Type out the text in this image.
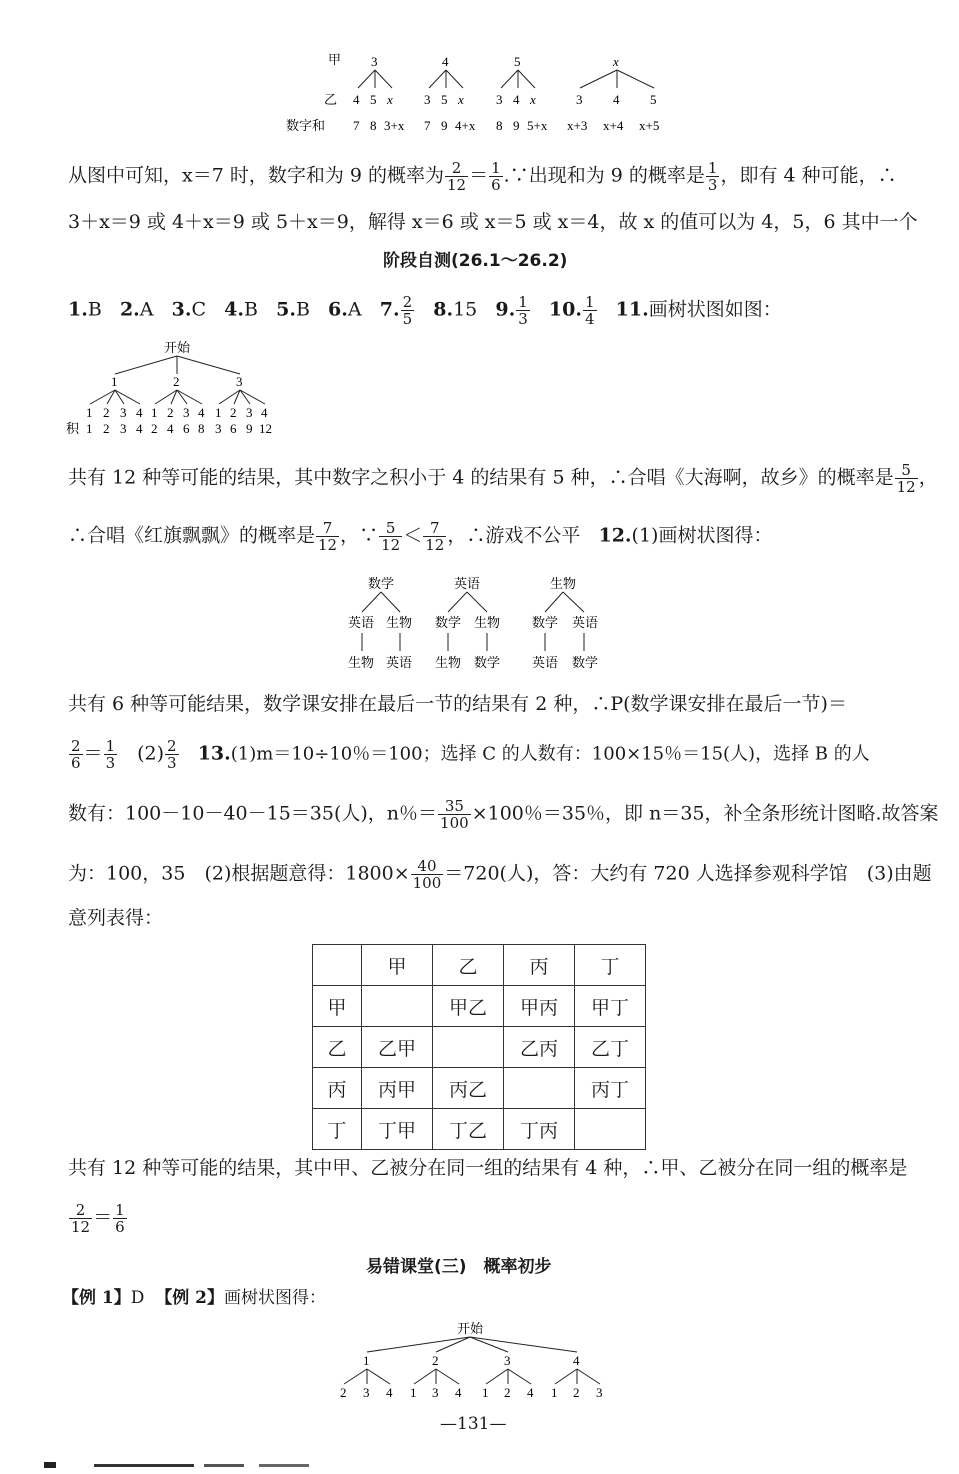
甲
乙
数字和
3
4 5 x
7 8 3+x
4
3 5 x
7 9 4+x
5
3 4 x
8 9 5+x
x
3 4 5
x+3 x+4 x+5
从图中可知，x＝7 时，数字和为 9 的概率为 $\frac{2}{12} = \frac{1}{6}$ .∵出现和为 9 的概率是 $\frac{1}{3}$ ，即有 4 种可能，∴
3＋x＝9 或 4＋x＝9 或 5＋x＝9，解得 x＝6 或 x＝5 或 x＝4，故 x 的值可以为 4，5，6 其中一个
阶段自测(26.1～26.2)
1.B 2.A 3.C 4.B 5.B 6.A 7. $\frac{2}{5} 8.15$ 9. $\frac{1}{3} 10$. $\frac{1}{4} 11$.画树状图如图：
开始
1	2	3
1 2 3 4 1 2 3 4 1 2 3 4
积 1 2 3 4 2 4 6 8 3 6 9 12
共有 12 种等可能的结果，其中数字之积小于 4 的结果有 5 种，∴合唱《大海啊，故乡》的概率是 $\frac{5}{12}$ ，
∴合唱《红旗飘飘》的概率是 $\frac{7}{12}$ ，∵ $\frac{5}{12} < \frac{7}{12}$ ，∴游戏不公平 12.(1)画树状图得：
数学
英语 生物
生物 英语
英语
数学 生物
生物 数学
生物
数学 英语
英语 数学
共有 6 种等可能结果，数学课安排在最后一节的结果有 2 种，∴P(数学课安排在最后一节)＝
$\frac{2}{6} = \frac{1}{3}$ 　$(2) \frac{2}{3} 13.(1)m=10\div 10$％＝100；选择 C 的人数有：100×15％＝15(人)，选择 B 的人
数有：100－10－40－15＝35(人)，n％＝ $\frac{35}{100} \times 100$％＝35％，即 n＝35，补全条形统计图略.故答案
为：100，35　(2)根据题意得：$1800\times \frac{40}{100} =720$(人)，答：大约有 720 人选择参观科学馆　(3)由题
意列表得：
	甲	乙	丙	丁
甲		甲乙	甲丙	甲丁
乙	乙甲		乙丙	乙丁
丙	丙甲	丙乙		丙丁
丁	丁甲	丁乙	丁丙	
共有 12 种等可能的结果，其中甲、乙被分在同一组的结果有 4 种，∴甲、乙被分在同一组的概率是
$\frac{2}{12} = \frac{1}{6}$
易错课堂(三)　概率初步
【例 1】D 【例 2】画树状图得：
开始
1	2	3	4
2 3 4 1 3 4 1 2 4 1 2 3
—131—
